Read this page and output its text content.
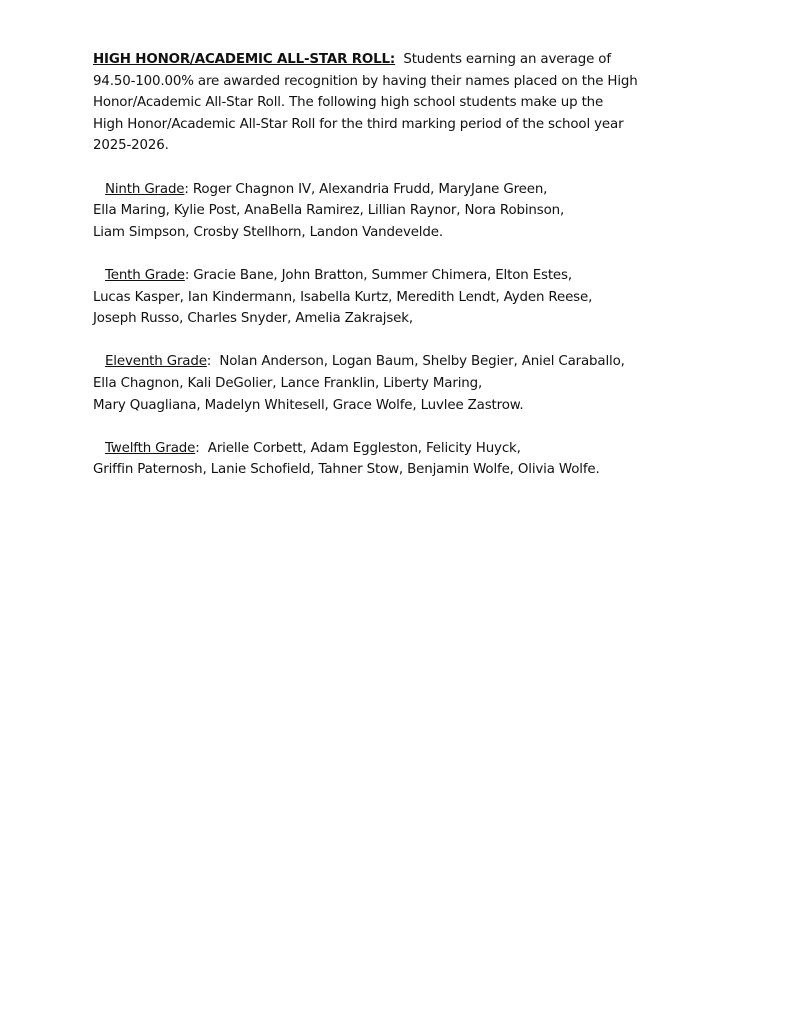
HIGH HONOR/ACADEMIC ALL-STAR ROLL:  Students earning an average of
94.50-100.00% are awarded recognition by having their names placed on the High
Honor/Academic All-Star Roll. The following high school students make up the
High Honor/Academic All-Star Roll for the third marking period of the school year
2025-2026.
Ninth Grade: Roger Chagnon IV, Alexandria Frudd, MaryJane Green,
Ella Maring, Kylie Post, AnaBella Ramirez, Lillian Raynor, Nora Robinson,
Liam Simpson, Crosby Stellhorn, Landon Vandevelde.
Tenth Grade: Gracie Bane, John Bratton, Summer Chimera, Elton Estes,
Lucas Kasper, Ian Kindermann, Isabella Kurtz, Meredith Lendt, Ayden Reese,
Joseph Russo, Charles Snyder, Amelia Zakrajsek,
Eleventh Grade:  Nolan Anderson, Logan Baum, Shelby Begier, Aniel Caraballo,
Ella Chagnon, Kali DeGolier, Lance Franklin, Liberty Maring,
Mary Quagliana, Madelyn Whitesell, Grace Wolfe, Luvlee Zastrow.
Twelfth Grade:  Arielle Corbett, Adam Eggleston, Felicity Huyck,
Griffin Paternosh, Lanie Schofield, Tahner Stow, Benjamin Wolfe, Olivia Wolfe.
